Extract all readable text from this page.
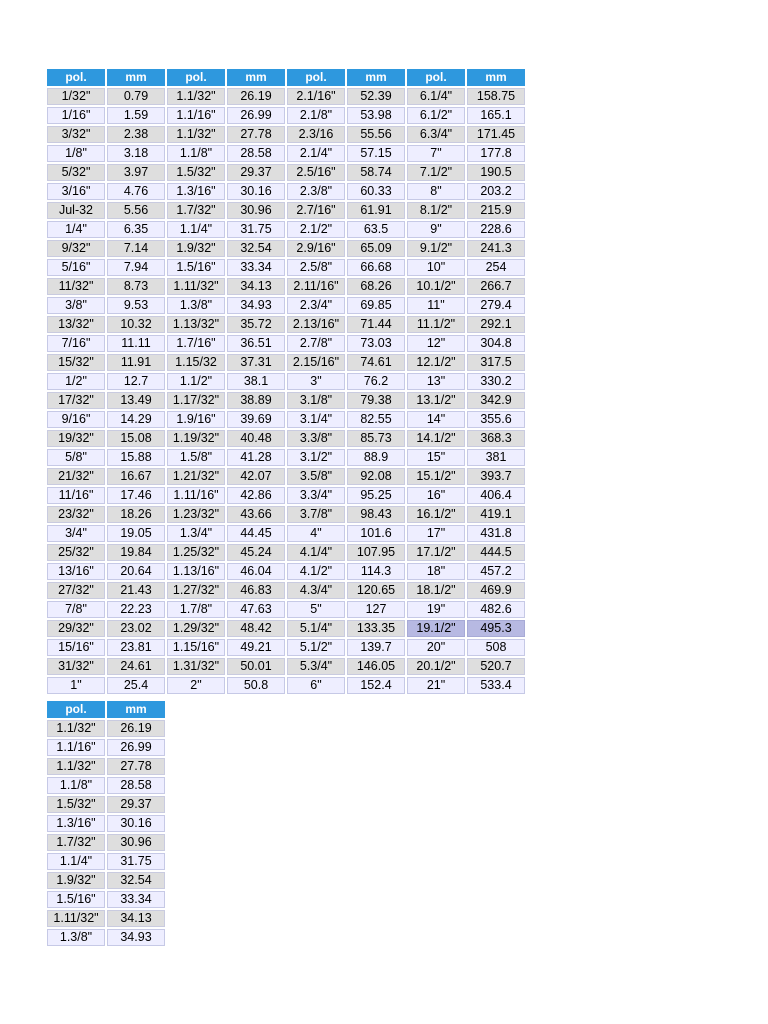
pol.	mm	pol.	mm	pol.	mm	pol.	mm
1/32"	0.79	1.1/32"	26.19	2.1/16"	52.39	6.1/4"	158.75
1/16"	1.59	1.1/16"	26.99	2.1/8"	53.98	6.1/2"	165.1
3/32"	2.38	1.1/32"	27.78	2.3/16	55.56	6.3/4"	171.45
1/8"	3.18	1.1/8"	28.58	2.1/4"	57.15	7"	177.8
5/32"	3.97	1.5/32"	29.37	2.5/16"	58.74	7.1/2"	190.5
3/16"	4.76	1.3/16"	30.16	2.3/8"	60.33	8"	203.2
Jul-32	5.56	1.7/32"	30.96	2.7/16"	61.91	8.1/2"	215.9
1/4"	6.35	1.1/4"	31.75	2.1/2"	63.5	9"	228.6
9/32"	7.14	1.9/32"	32.54	2.9/16"	65.09	9.1/2"	241.3
5/16"	7.94	1.5/16"	33.34	2.5/8"	66.68	10"	254
11/32"	8.73	1.11/32"	34.13	2.11/16"	68.26	10.1/2"	266.7
3/8"	9.53	1.3/8"	34.93	2.3/4"	69.85	11"	279.4
13/32"	10.32	1.13/32"	35.72	2.13/16"	71.44	11.1/2"	292.1
7/16"	11.11	1.7/16"	36.51	2.7/8"	73.03	12"	304.8
15/32"	11.91	1.15/32	37.31	2.15/16"	74.61	12.1/2"	317.5
1/2"	12.7	1.1/2"	38.1	3"	76.2	13"	330.2
17/32"	13.49	1.17/32"	38.89	3.1/8"	79.38	13.1/2"	342.9
9/16"	14.29	1.9/16"	39.69	3.1/4"	82.55	14"	355.6
19/32"	15.08	1.19/32"	40.48	3.3/8"	85.73	14.1/2"	368.3
5/8"	15.88	1.5/8"	41.28	3.1/2"	88.9	15"	381
21/32"	16.67	1.21/32"	42.07	3.5/8"	92.08	15.1/2"	393.7
11/16"	17.46	1.11/16"	42.86	3.3/4"	95.25	16"	406.4
23/32"	18.26	1.23/32"	43.66	3.7/8"	98.43	16.1/2"	419.1
3/4"	19.05	1.3/4"	44.45	4"	101.6	17"	431.8
25/32"	19.84	1.25/32"	45.24	4.1/4"	107.95	17.1/2"	444.5
13/16"	20.64	1.13/16"	46.04	4.1/2"	114.3	18"	457.2
27/32"	21.43	1.27/32"	46.83	4.3/4"	120.65	18.1/2"	469.9
7/8"	22.23	1.7/8"	47.63	5"	127	19"	482.6
29/32"	23.02	1.29/32"	48.42	5.1/4"	133.35	19.1/2"	495.3
15/16"	23.81	1.15/16"	49.21	5.1/2"	139.7	20"	508
31/32"	24.61	1.31/32"	50.01	5.3/4"	146.05	20.1/2"	520.7
1"	25.4	2"	50.8	6"	152.4	21"	533.4
pol.	mm
1.1/32"	26.19
1.1/16"	26.99
1.1/32"	27.78
1.1/8"	28.58
1.5/32"	29.37
1.3/16"	30.16
1.7/32"	30.96
1.1/4"	31.75
1.9/32"	32.54
1.5/16"	33.34
1.11/32"	34.13
1.3/8"	34.93
